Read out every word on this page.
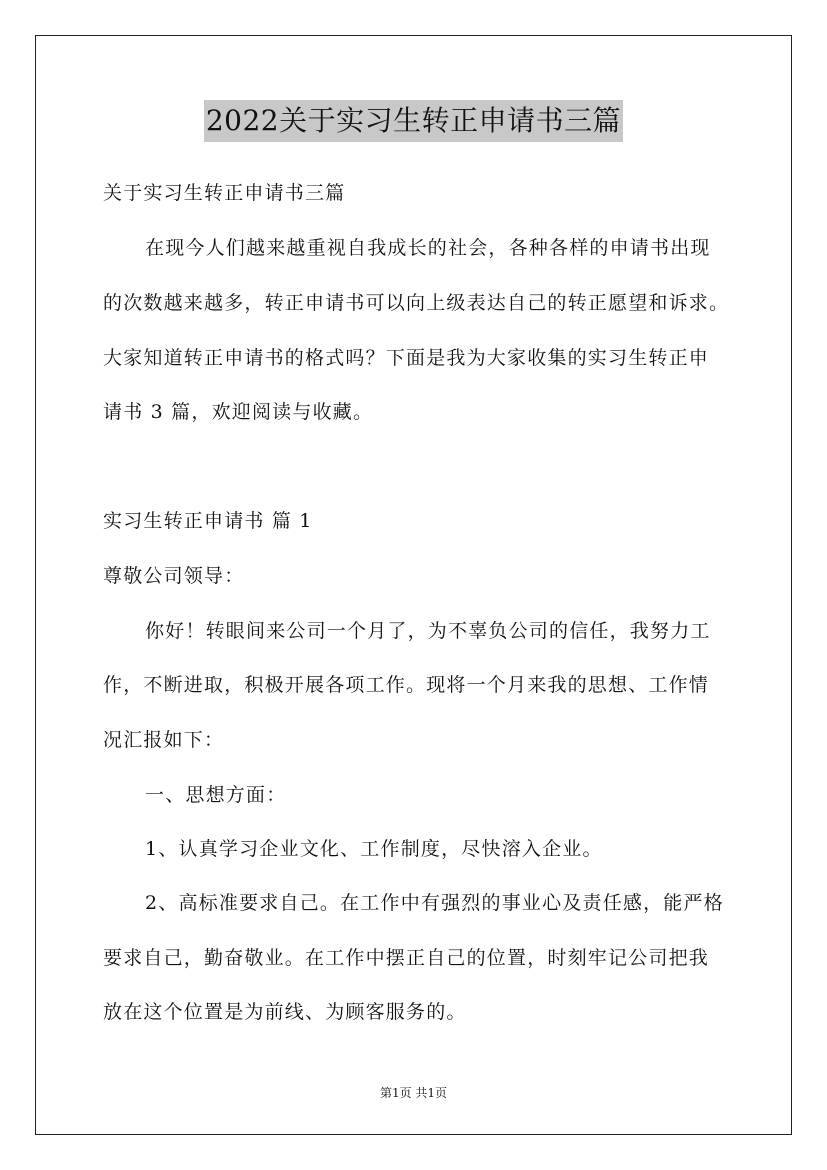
2022关于实习生转正申请书三篇
关于实习生转正申请书三篇
在现今人们越来越重视自我成长的社会，各种各样的申请书出现
的次数越来越多，转正申请书可以向上级表达自己的转正愿望和诉求。
大家知道转正申请书的格式吗？下面是我为大家收集的实习生转正申
请书 3 篇，欢迎阅读与收藏。
实习生转正申请书 篇 1
尊敬公司领导：
你好！转眼间来公司一个月了，为不辜负公司的信任，我努力工
作，不断进取，积极开展各项工作。现将一个月来我的思想、工作情
况汇报如下：
一、思想方面：
1、认真学习企业文化、工作制度，尽快溶入企业。
2、高标准要求自己。在工作中有强烈的事业心及责任感，能严格
要求自己，勤奋敬业。在工作中摆正自己的位置，时刻牢记公司把我
放在这个位置是为前线、为顾客服务的。
第1页 共1页
